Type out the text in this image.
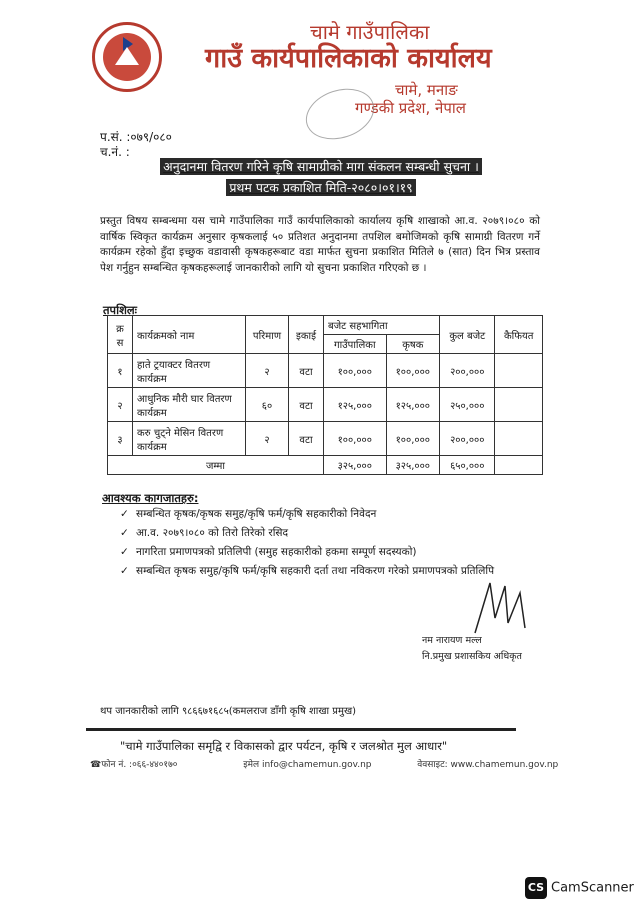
चामे गाउँपालिका
गाउँ कार्यपालिकाको कार्यालय
चामे, मनाङ
गण्डकी प्रदेश, नेपाल
प.सं. :०७९/०८०
च.नं. :
अनुदानमा वितरण गरिने कृषि सामाग्रीको माग संकलन सम्बन्धी सुचना ।
प्रथम पटक प्रकाशित मिति-२०८०।०१।१९
प्रस्तुत विषय सम्बन्धमा यस चामे गाउँपालिका गाउँ कार्यपालिकाको कार्यालय कृषि शाखाको आ.व. २०७९।०८० को वार्षिक स्विकृत कार्यक्रम अनुसार कृषकलाई ५० प्रतिशत अनुदानमा तपशिल बमोजिमको कृषि सामाग्री वितरण गर्ने कार्यक्रम रहेको हुँदा इच्छुक वडावासी कृषकहरूबाट वडा मार्फत सुचना प्रकाशित मितिले ७ (सात) दिन भित्र प्रस्ताव पेश गर्नुहुन सम्बन्धित कृषकहरूलाई जानकारीको लागि यो सुचना प्रकाशित गरिएको छ ।
तपशिलः
क्र स	कार्यक्रमको नाम	परिमाण	इकाई	बजेट सहभागिता		कुल बजेट	कैफियत
				गाउँपालिका	कृषक		
१	हाते ट्रयाक्टर वितरण कार्यक्रम	२	वटा	१००,०००	१००,०००	२००,०००	
२	आधुनिक मौरी घार वितरण कार्यक्रम	६०	वटा	१२५,०००	१२५,०००	२५०,०००	
३	करु चुट्ने मेसिन वितरण कार्यक्रम	२	वटा	१००,०००	१००,०००	२००,०००	
जम्मा				३२५,०००	३२५,०००	६५०,०००	
आवश्यक कागजातहरु:
✓ सम्बन्धित कृषक/कृषक समुह/कृषि फर्म/कृषि सहकारीको निवेदन
✓ आ.व. २०७९।०८० को तिरो तिरेको रसिद
✓ नागरिता प्रमाणपत्रको प्रतिलिपी (समुह सहकारीको हकमा सम्पूर्ण सदस्यको)
✓ सम्बन्धित कृषक समुह/कृषि फर्म/कृषि सहकारी दर्ता तथा नविकरण गरेको प्रमाणपत्रको प्रतिलिपि
नम नारायण मल्ल
नि.प्रमुख प्रशासकिय अधिकृत
थप जानकारीको लागि ९८६६७१६८५(कमलराज डाँगी कृषि शाखा प्रमुख)
"चामे गाउँपालिका समृद्वि र विकासको द्वार पर्यटन, कृषि र जलश्रोत मुल आधार"
☎फोन नं. :०६६-४४०१७०	इमेल info@chamemun.gov.np	वेवसाइट: www.chamemun.gov.np
CS CamScanner
